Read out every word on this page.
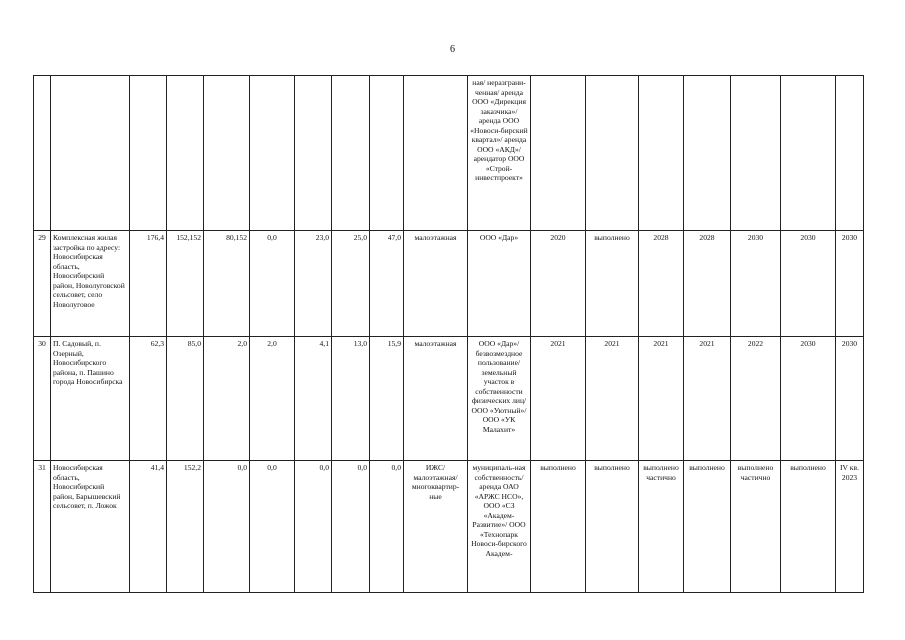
6
										ная/ неразграни-ченная/ аренда ООО «Дирекция заказчика»/ аренда ООО «Новоси-бирский квартал»/ аренда ООО «АКД»/ арендатор ООО «Строй-инвестпроект»							
29	Комплексная жилая застройка по адресу: Новосибирская область, Новосибирский район, Новолуговской сельсовет, село Новолуговое	176,4	152,152	80,152	0,0	23,0	25,0	47,0	малоэтажная	ООО «Дар»	2020	выполнено	2028	2028	2030	2030	2030
30	П. Садовый, п. Озерный, Новосибирского района, п. Пашино города Новосибирска	62,3	85,0	2,0	2,0	4,1	13,0	15,9	малоэтажная	ООО «Дар»/ безвозмездное пользование/ земельный участок в собственности физических лиц/ ООО «Уютный»/ ООО «УК Малахит»	2021	2021	2021	2021	2022	2030	2030
31	Новосибирская область, Новосибирский район, Барышевский сельсовет, п. Ложок	41,4	152,2	0,0	0,0	0,0	0,0	0,0	ИЖС/ малоэтажная/ многоквартир-ные	муниципаль-ная собственность/ аренда ОАО «АРЖС НСО», ООО «СЗ «Академ-Развитие»/ ООО «Технопарк Новоси-бирского Академ-	выполнено	выполнено	выполнено частично	выполнено	выполнено частично	выполнено	IV кв. 2023
